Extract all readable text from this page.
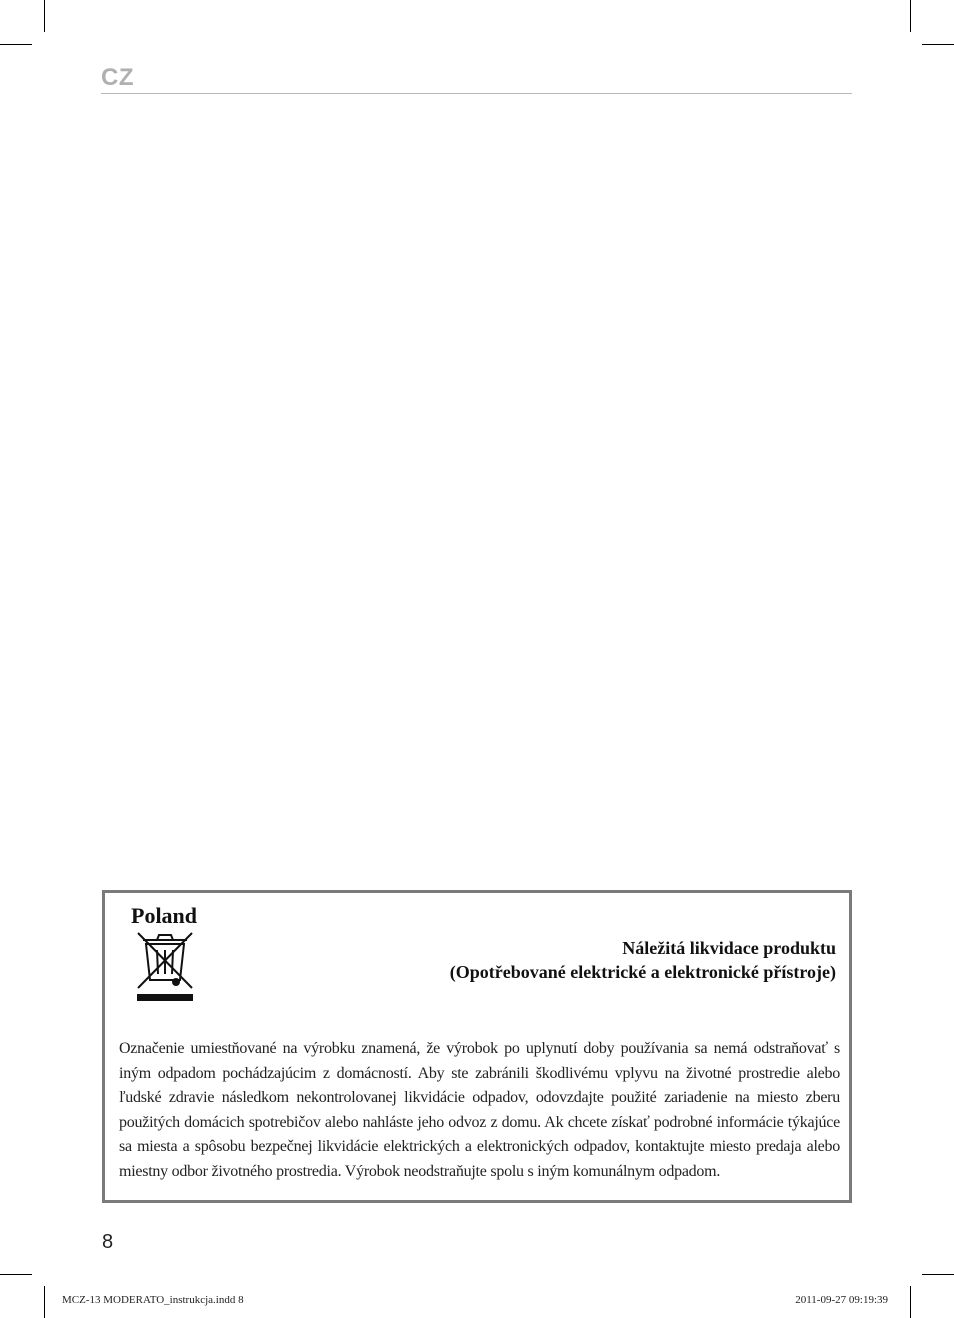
CZ
Poland
Náležitá likvidace produktu
(Opotřebované elektrické a elektronické přístroje)

Označenie umiestňované na výrobku znamená, že výrobok po uplynutí doby používania sa nemá odstraňovať s iným odpadom pochádzajúcim z domácností. Aby ste zabránili škodlivému vplyvu na životné prostredie alebo ľudské zdravie následkom nekontrolovanej likvidácie odpadov, odovzdajte použité zariadenie na miesto zberu použitých domácich spotrebičov alebo nahláste jeho odvoz z domu. Ak chcete získať podrobné informácie týkajúce sa miesta a spôsobu bezpečnej likvidácie elektrických a elektronických odpadov, kontaktujte miesto predaja alebo miestny odbor životného prostredia. Výrobok neodstraňujte spolu s iným komunálnym odpadom.

8
MCZ-13 MODERATO_instrukcja.indd 8	2011-09-27 09:19:39
